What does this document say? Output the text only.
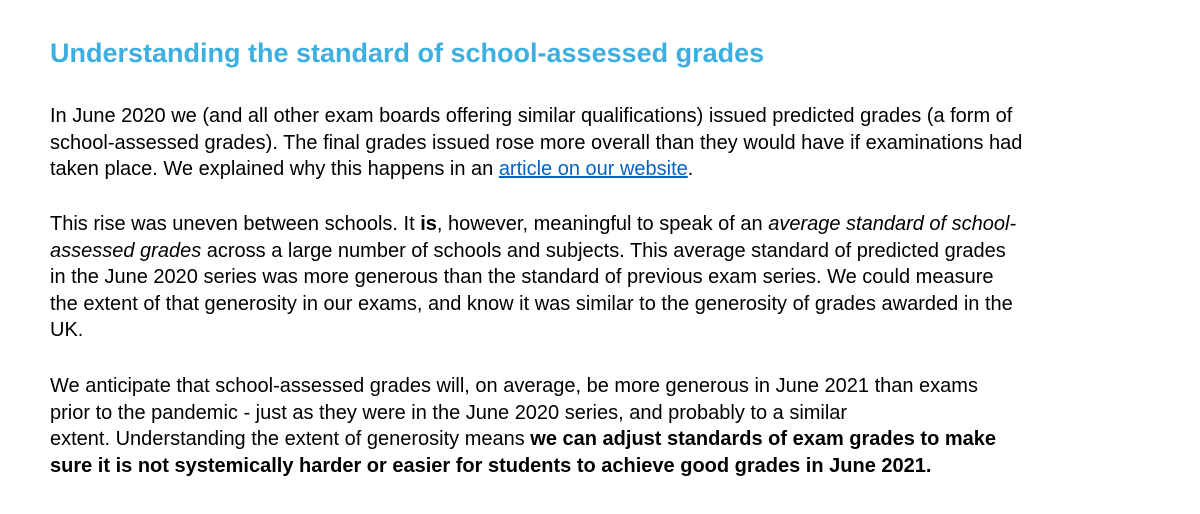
Understanding the standard of school-assessed grades

In June 2020 we (and all other exam boards offering similar qualifications) issued predicted grades (a form of
school-assessed grades). The final grades issued rose more overall than they would have if examinations had
taken place. We explained why this happens in an article on our website.

This rise was uneven between schools. It is, however, meaningful to speak of an average standard of school-
assessed grades across a large number of schools and subjects. This average standard of predicted grades
in the June 2020 series was more generous than the standard of previous exam series. We could measure
the extent of that generosity in our exams, and know it was similar to the generosity of grades awarded in the
UK.

We anticipate that school-assessed grades will, on average, be more generous in June 2021 than exams
prior to the pandemic - just as they were in the June 2020 series, and probably to a similar
extent. Understanding the extent of generosity means we can adjust standards of exam grades to make
sure it is not systemically harder or easier for students to achieve good grades in June 2021.
